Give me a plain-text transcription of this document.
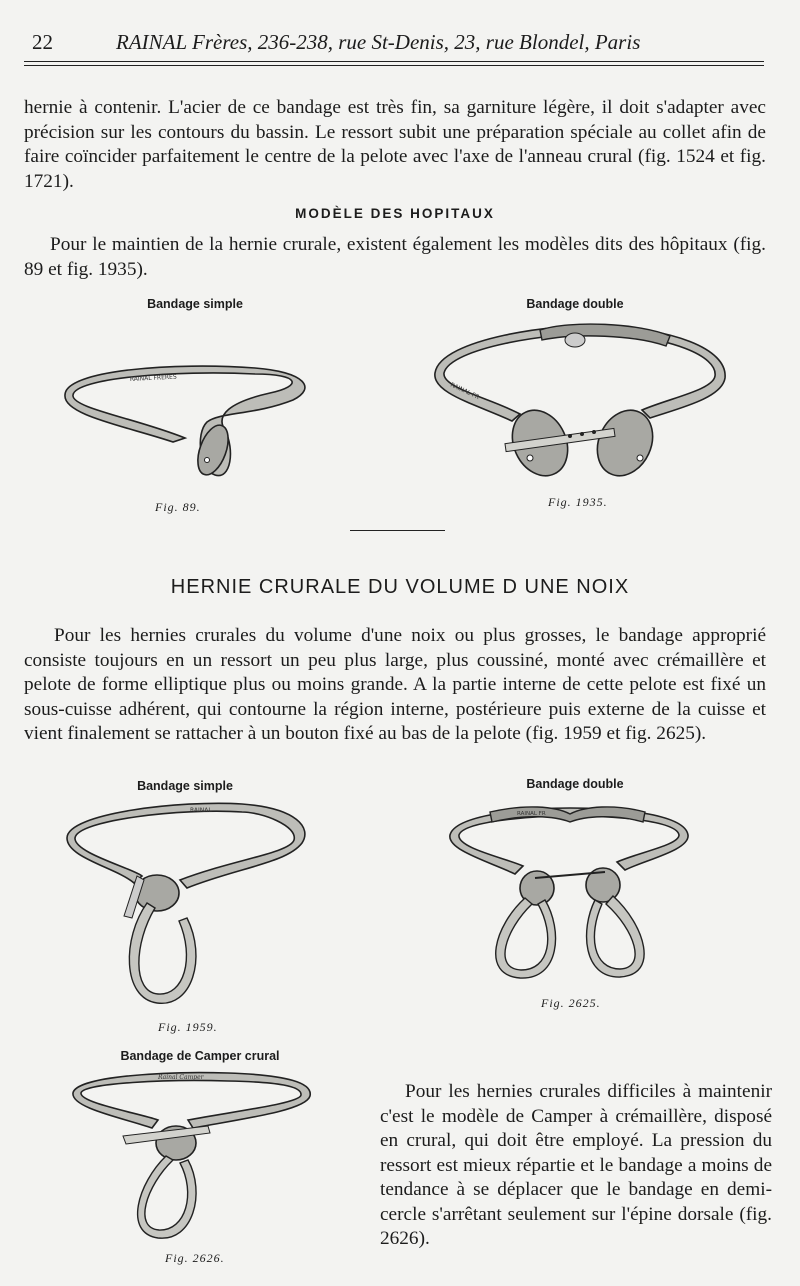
22	RAINAL Frères, 236-238, rue St-Denis, 23, rue Blondel, Paris

hernie à contenir. L'acier de ce bandage est très fin, sa garniture légère, il doit s'adapter avec précision sur les contours du bassin. Le ressort subit une préparation spéciale au collet afin de faire coïncider parfaitement le centre de la pelote avec l'axe de l'anneau crural (fig. 1524 et fig. 1721).

MODÈLE DES HOPITAUX

Pour le maintien de la hernie crurale, existent également les modèles dits des hôpitaux (fig. 89 et fig. 1935).

Bandage simple	Bandage double
RAINAL FRÈRES
Fig. 89.
RAINAL FR
Fig. 1935.
HERNIE CRURALE DU VOLUME D UNE NOIX

Pour les hernies crurales du volume d'une noix ou plus grosses, le bandage approprié consiste toujours en un ressort un peu plus large, plus coussiné, monté avec crémaillère et pelote de forme elliptique plus ou moins grande. A la partie interne de cette pelote est fixé un sous-cuisse adhérent, qui contourne la région interne, postérieure puis externe de la cuisse et vient finalement se rattacher à un bouton fixé au bas de la pelote (fig. 1959 et fig. 2625).

Bandage simple	Bandage double
RAINAL
Fig. 1959.
RAINAL FR
Fig. 2625.
Bandage de Camper crural
Rainal Camper
Fig. 2626.

Pour les hernies crurales difficiles à maintenir c'est le modèle de Camper à crémaillère, disposé en crural, qui doit être employé. La pression du ressort est mieux répartie et le bandage a moins de tendance à se déplacer que le bandage en demi-cercle s'arrêtant seulement sur l'épine dorsale (fig. 2626).
